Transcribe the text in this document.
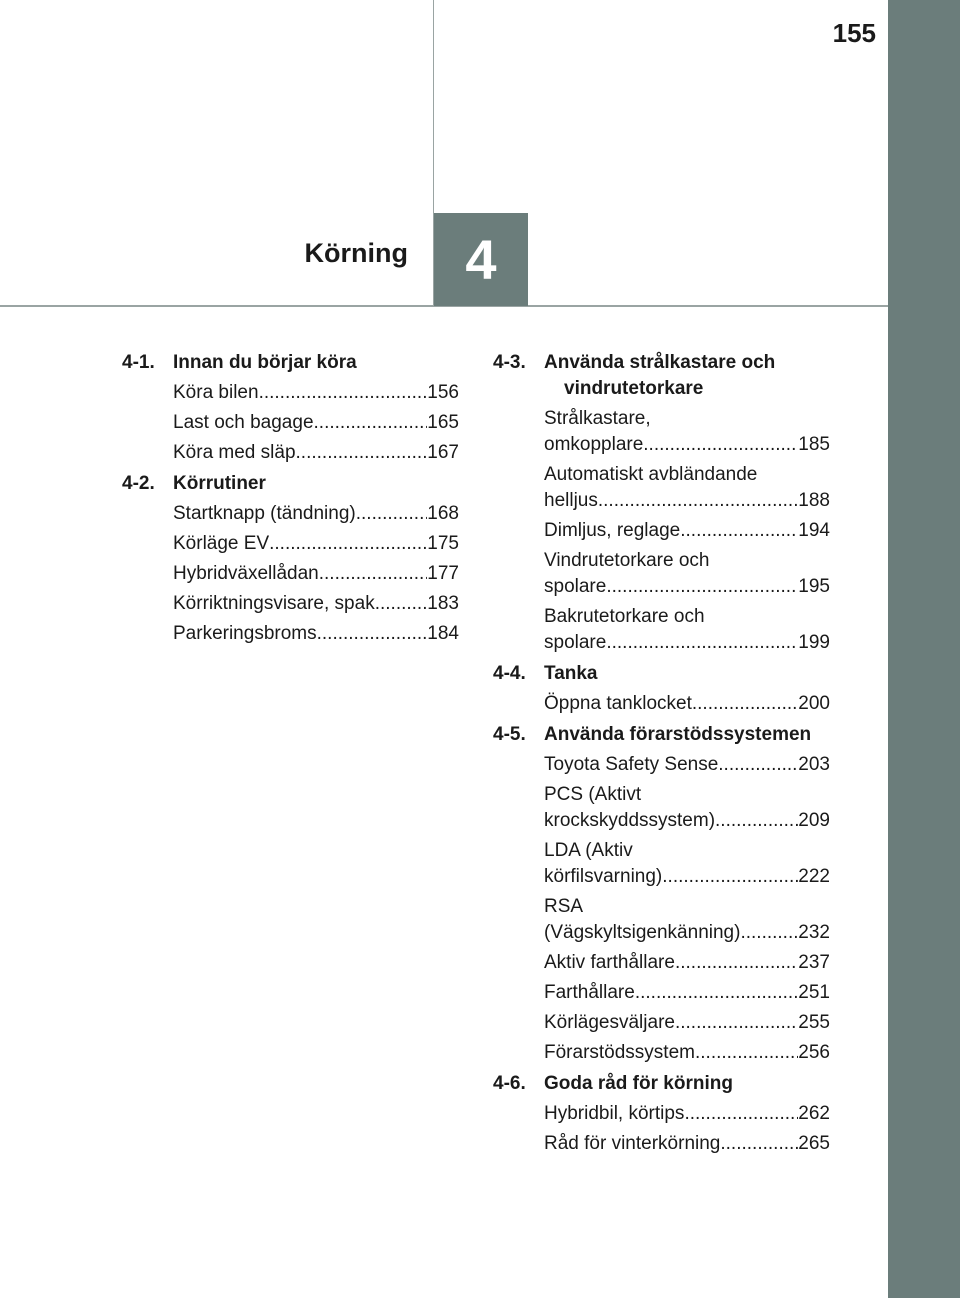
155
Körning	4
4-1. Innan du börjar köra
Köra bilen .....	156
Last och bagage .....	165
Köra med släp .....	167
4-2. Körrutiner
Startknapp (tändning) .....	168
Körläge EV .....	175
Hybridväxellådan .....	177
Körriktningsvisare, spak .....	183
Parkeringsbroms .....	184
4-3. Använda strålkastare och vindrutetorkare
Strålkastare,
omkopplare .....	185
Automatiskt avbländande
helljus .....	188
Dimljus, reglage .....	194
Vindrutetorkare och
spolare .....	195
Bakrutetorkare och
spolare .....	199
4-4. Tanka
Öppna tanklocket .....	200
4-5. Använda förarstödssystemen
Toyota Safety Sense .....	203
PCS (Aktivt
krockskyddssystem) .....	209
LDA (Aktiv
körfilsvarning) .....	222
RSA
(Vägskyltsigenkänning) .....	232
Aktiv farthållare .....	237
Farthållare .....	251
Körlägesväljare .....	255
Förarstödssystem .....	256
4-6. Goda råd för körning
Hybridbil, körtips .....	262
Råd för vinterkörning .....	265
